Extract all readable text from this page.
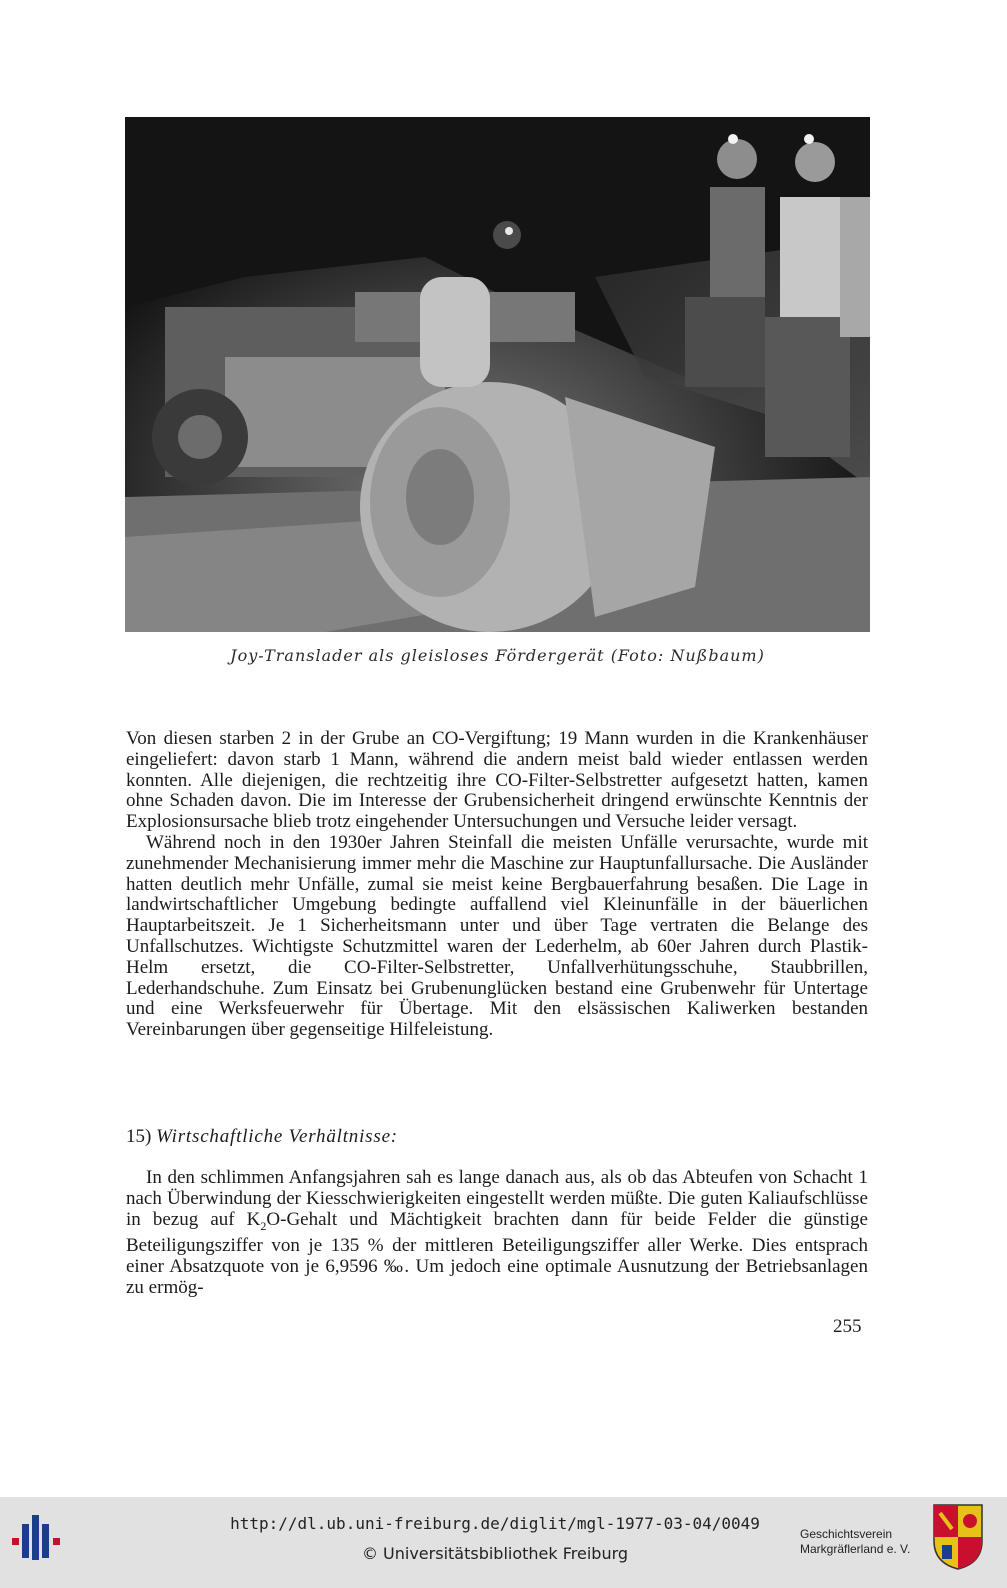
Joy-Translader als gleisloses Fördergerät (Foto: Nußbaum)

Von diesen starben 2 in der Grube an CO-Vergiftung; 19 Mann wurden in die Krankenhäuser eingeliefert: davon starb 1 Mann, während die andern meist bald wieder entlassen werden konnten. Alle diejenigen, die rechtzeitig ihre CO-Filter-Selbstretter aufgesetzt hatten, kamen ohne Schaden davon. Die im Interesse der Grubensicherheit dringend erwünschte Kenntnis der Explosionsursache blieb trotz eingehender Untersuchungen und Versuche leider versagt.

Während noch in den 1930er Jahren Steinfall die meisten Unfälle verursachte, wurde mit zunehmender Mechanisierung immer mehr die Maschine zur Hauptunfallursache. Die Ausländer hatten deutlich mehr Unfälle, zumal sie meist keine Bergbauerfahrung besaßen. Die Lage in landwirtschaftlicher Umgebung bedingte auffallend viel Kleinunfälle in der bäuerlichen Hauptarbeitszeit. Je 1 Sicherheitsmann unter und über Tage vertraten die Belange des Unfallschutzes. Wichtigste Schutzmittel waren der Lederhelm, ab 60er Jahren durch Plastik-Helm ersetzt, die CO-Filter-Selbstretter, Unfallverhütungsschuhe, Staubbrillen, Lederhandschuhe. Zum Einsatz bei Grubenunglücken bestand eine Grubenwehr für Untertage und eine Werksfeuerwehr für Übertage. Mit den elsässischen Kaliwerken bestanden Vereinbarungen über gegenseitige Hilfeleistung.

15) Wirtschaftliche Verhältnisse:

In den schlimmen Anfangsjahren sah es lange danach aus, als ob das Abteufen von Schacht 1 nach Überwindung der Kiesschwierigkeiten eingestellt werden müßte. Die guten Kaliaufschlüsse in bezug auf $K_2O$-Gehalt und Mächtigkeit brachten dann für beide Felder die günstige Beteiligungsziffer von je 135 % der mittleren Beteiligungsziffer aller Werke. Dies entsprach einer Absatzquote von je 6,9596 ‰. Um jedoch eine optimale Ausnutzung der Betriebsanlagen zu ermög-

255
http://dl.ub.uni-freiburg.de/diglit/mgl-1977-03-04/0049
© Universitätsbibliothek Freiburg
Geschichtsverein
Markgräflerland e. V.
